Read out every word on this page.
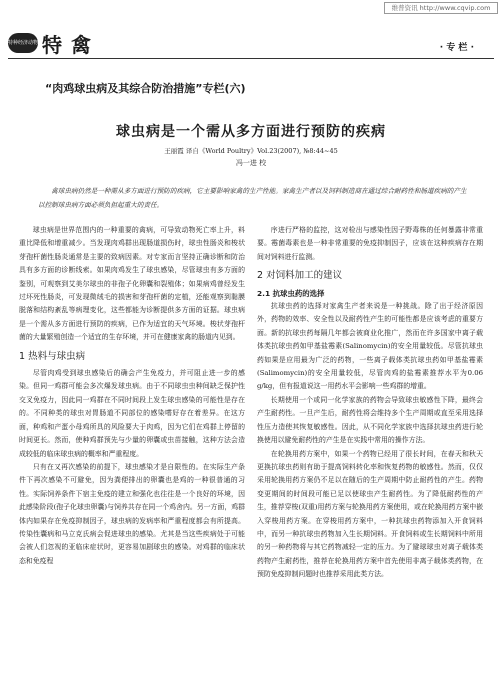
维普资讯 http://www.cqvip.com
特种经济动物 特 禽	· 专 栏 ·
“肉鸡球虫病及其综合防治措施”专栏(六)
球虫病是一个需从多方面进行预防的疾病
王丽霞 译自《World Poultry》Vol.23(2007), №8:44~45
冯一进 校
禽球虫病仍然是一种需从多方面进行预防的疾病，它主要影响家禽的生产性能。家禽生产者以及饲料制造商在通过综合耐药性和肠道疾病的产生以控制球虫病方面必须负担起重大的责任。

球虫病是世界范围内的一种重要的禽病，可导致动物死亡率上升，料重比降低和增重减少。当发现肉鸡群出现肠道损伤时，球虫性肠炎和梭状芽孢杆菌性肠炎通常是主要的致病因素。对专家而言坚持正确诊断和防治具有多方面的诊断线索。如果肉鸡发生了球虫感染，尽管球虫有多方面的鉴别，可观察到艾美尔球虫的非孢子化卵囊和裂殖体；如果病鸡曾经发生过坏死性肠炎，可发现微绒毛的损害和芽孢杆菌的定植，还能观察到黏膜脱落和结构紊乱等病理变化，这些都能为诊断提供多方面的证据。球虫病是一个需从多方面进行预防的疾病，已作为适宜的天气环境。梭状芽孢杆菌的大量繁殖创造一个适宜的生存环境，并可在健康家禽的肠道内见到。

1 热料与球虫病

尽管肉鸡受到球虫感染后的确会产生免疫力，并可阻止进一步的感染。但同一鸡群可能会多次爆发球虫病。由于不同球虫虫种间缺乏保护性交叉免疫力，因此同一鸡群在不同时间段上发生球虫感染的可能性是存在的。不同种类的球虫对胃肠道不同部位的感染嗜好存在着差异。在这方面，种鸡和产蛋小母鸡所具的风险要大于肉鸡，因为它们在鸡群上停留的时间更长。然而，使种鸡群预先与少量的卵囊或虫苗接触，这种方法会造成较低的临床球虫病的概率和严重程度。

只有在又再次感染的前提下，球虫感染才是自限性的。在实际生产条件下再次感染不可避免，因为粪便排出的卵囊也是鸡的一种很普通的习性。实际饲养条件下宿主免疫的建立和强化也往往是一个良好的环境，因此感染阶段(孢子化球虫卵囊)与饲养共存在同一个鸡舍内。另一方面，鸡群体内如果存在免疫抑制因子，球虫病的发病率和严重程度都会有所提高。传染性囊病和马立克氏病会促进球虫的感染。尤其是当这些疾病处于可能会被人们忽视的亚临床症状时，更容易加剧球虫的感染。对鸡群的临床状态和免疫程

序进行严格的监控，这对检出与感染性因子野毒株的任何暴露非常重要。霉菌毒素也是一种非常重要的免疫抑制因子，应该在这种疾病存在期间对饲料进行监测。

2 对饲料加工的建议
2.1 抗球虫药的选择

抗球虫药的选择对家禽生产者来说是一种挑战。除了出于经济原因外，药物的效率、安全性以及耐药性产生的可能性都是应该考虑的重要方面。新的抗球虫药每隔几年都会被商业化推广，然而在许多国家中离子载体类抗球虫药如甲基盐霉素(Salinomycin)的安全用量较低。尽管抗球虫药如果是应用最为广泛的药物，一些离子载体类抗球虫药如甲基盐霉素(Salimomycin)的安全用量较低，尽管肉鸡的盐霉素推荐水平为0.06 g/kg，但有报道说这一用药水平会影响一些鸡群的增重。

长期使用一个或同一化学家族的药物会导致球虫敏感性下降，最终会产生耐药性。一旦产生后，耐药性将会维持多个生产周期或直至采用选择性压力造使其恢复敏感性。因此，从不同化学家族中选择抗球虫药进行轮换使用以避免耐药性的产生是在实践中常用的操作方法。

在轮换用药方案中，如果一个药物已经用了很长时间，在春天和秋天更换抗球虫药则有助于提高饲料转化率和恢复药物的敏感性。然而，仅仅采用轮换用药方案仍不足以在随后的生产周期中防止耐药性的产生。药物变更期间的时间段可能已足以使球虫产生耐药性。为了降低耐药性的产生，推荐穿梭(双重)用药方案与轮换用药方案使用，或在轮换用药方案中嵌入穿梭用药方案。在穿梭用药方案中，一种抗球虫药物添加入开食饲料中，而另一种抗球虫药物加入生长期饲料。开食饲料或生长期饲料中所用的另一种药物将与其它药物减轻一定的压力。为了避球球虫对离子载体类药物产生耐药性，推荐在轮换用药方案中首先使用非离子载体类药物，在预防免疫抑制问题时也推荐采用此类方法。
